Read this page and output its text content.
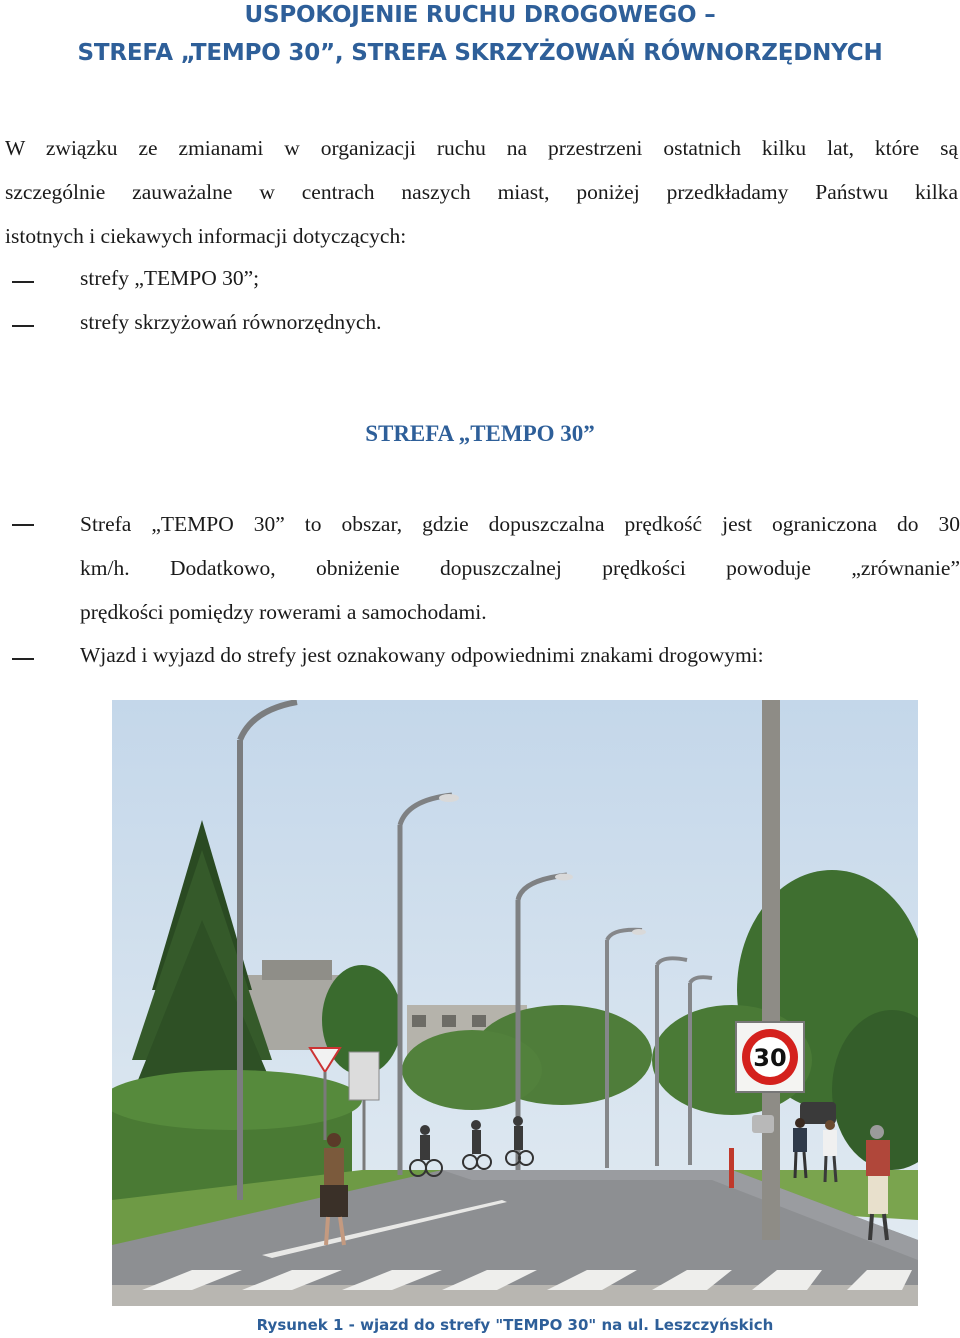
USPOKOJENIE RUCHU DROGOWEGO –
STREFA „TEMPO 30”, STREFA SKRZYŻOWAŃ RÓWNORZĘDNYCH
W związku ze zmianami w organizacji ruchu na przestrzeni ostatnich kilku lat, które są
szczególnie zauważalne w centrach naszych miast, poniżej przedkładamy Państwu kilka
istotnych i ciekawych informacji dotyczących:
strefy „TEMPO 30”;
strefy skrzyżowań równorzędnych.
STREFA „TEMPO 30”
Strefa „TEMPO 30” to obszar, gdzie dopuszczalna prędkość jest ograniczona do 30
km/h. Dodatkowo, obniżenie dopuszczalnej prędkości powoduje „zrównanie”
prędkości pomiędzy rowerami a samochodami.
Wjazd i wyjazd do strefy jest oznakowany odpowiednimi znakami drogowymi:
30
Rysunek 1 - wjazd do strefy "TEMPO 30" na ul. Leszczyńskich
